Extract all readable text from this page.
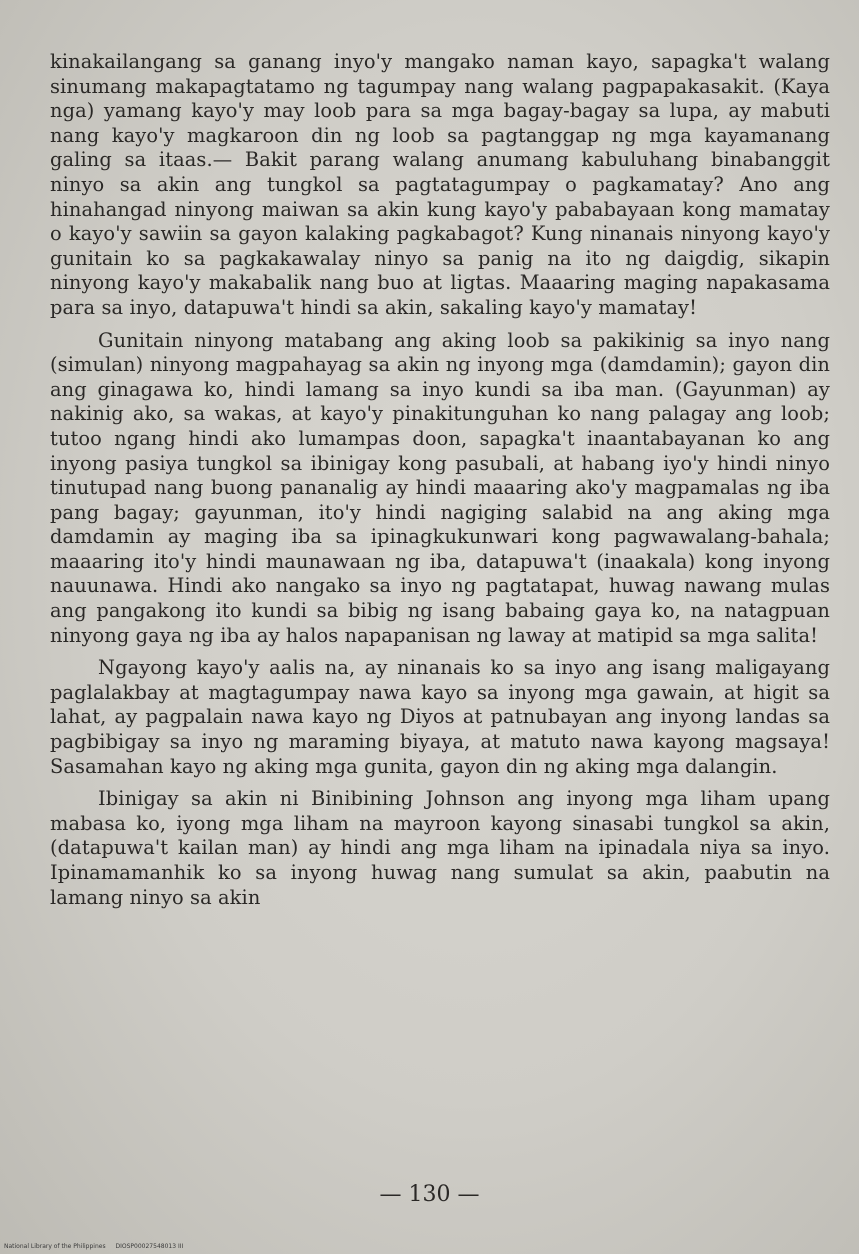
kinakailangang sa ganang inyo'y mangako naman kayo, sapagka't walang sinumang makapagtatamo ng tagumpay nang walang pagpapakasakit. (Kaya nga) yamang kayo'y may loob para sa mga bagay-bagay sa lupa, ay mabuti nang kayo'y magkaroon din ng loob sa pagtanggap ng mga kayamanang galing sa itaas.— Bakit parang walang anumang kabuluhang binabanggit ninyo sa akin ang tungkol sa pagtatagumpay o pagkamatay? Ano ang hinahangad ninyong maiwan sa akin kung kayo'y pababayaan kong mamatay o kayo'y sawiin sa gayon kalaking pagkabagot? Kung ninanais ninyong kayo'y gunitain ko sa pagkakawalay ninyo sa panig na ito ng daigdig, sikapin ninyong kayo'y makabalik nang buo at ligtas. Maaaring maging napakasama para sa inyo, datapuwa't hindi sa akin, sakaling kayo'y mamatay!

Gunitain ninyong matabang ang aking loob sa pakikinig sa inyo nang (simulan) ninyong magpahayag sa akin ng inyong mga (damdamin); gayon din ang ginagawa ko, hindi lamang sa inyo kundi sa iba man. (Gayunman) ay nakinig ako, sa wakas, at kayo'y pinakitunguhan ko nang palagay ang loob; tutoo ngang hindi ako lumampas doon, sapagka't inaantabayanan ko ang inyong pasiya tungkol sa ibinigay kong pasubali, at habang iyo'y hindi ninyo tinutupad nang buong pananalig ay hindi maaaring ako'y magpamalas ng iba pang bagay; gayunman, ito'y hindi nagiging salabid na ang aking mga damdamin ay maging iba sa ipinagkukunwari kong pagwawalang-bahala; maaaring ito'y hindi maunawaan ng iba, datapuwa't (inaakala) kong inyong nauunawa. Hindi ako nangako sa inyo ng pagtatapat, huwag nawang mulas ang pangakong ito kundi sa bibig ng isang babaing gaya ko, na natagpuan ninyong gaya ng iba ay halos napapanisan ng laway at matipid sa mga salita!

Ngayong kayo'y aalis na, ay ninanais ko sa inyo ang isang maligayang paglalakbay at magtagumpay nawa kayo sa inyong mga gawain, at higit sa lahat, ay pagpalain nawa kayo ng Diyos at patnubayan ang inyong landas sa pagbibigay sa inyo ng maraming biyaya, at matuto nawa kayong magsaya! Sasamahan kayo ng aking mga gunita, gayon din ng aking mga dalangin.

Ibinigay sa akin ni Binibining Johnson ang inyong mga liham upang mabasa ko, iyong mga liham na mayroon kayong sinasabi tungkol sa akin, (datapuwa't kailan man) ay hindi ang mga liham na ipinadala niya sa inyo. Ipinamamanhik ko sa inyong huwag nang sumulat sa akin, paabutin na lamang ninyo sa akin

— 130 —
National Library of the Philippines DIOSP00027548013 III
